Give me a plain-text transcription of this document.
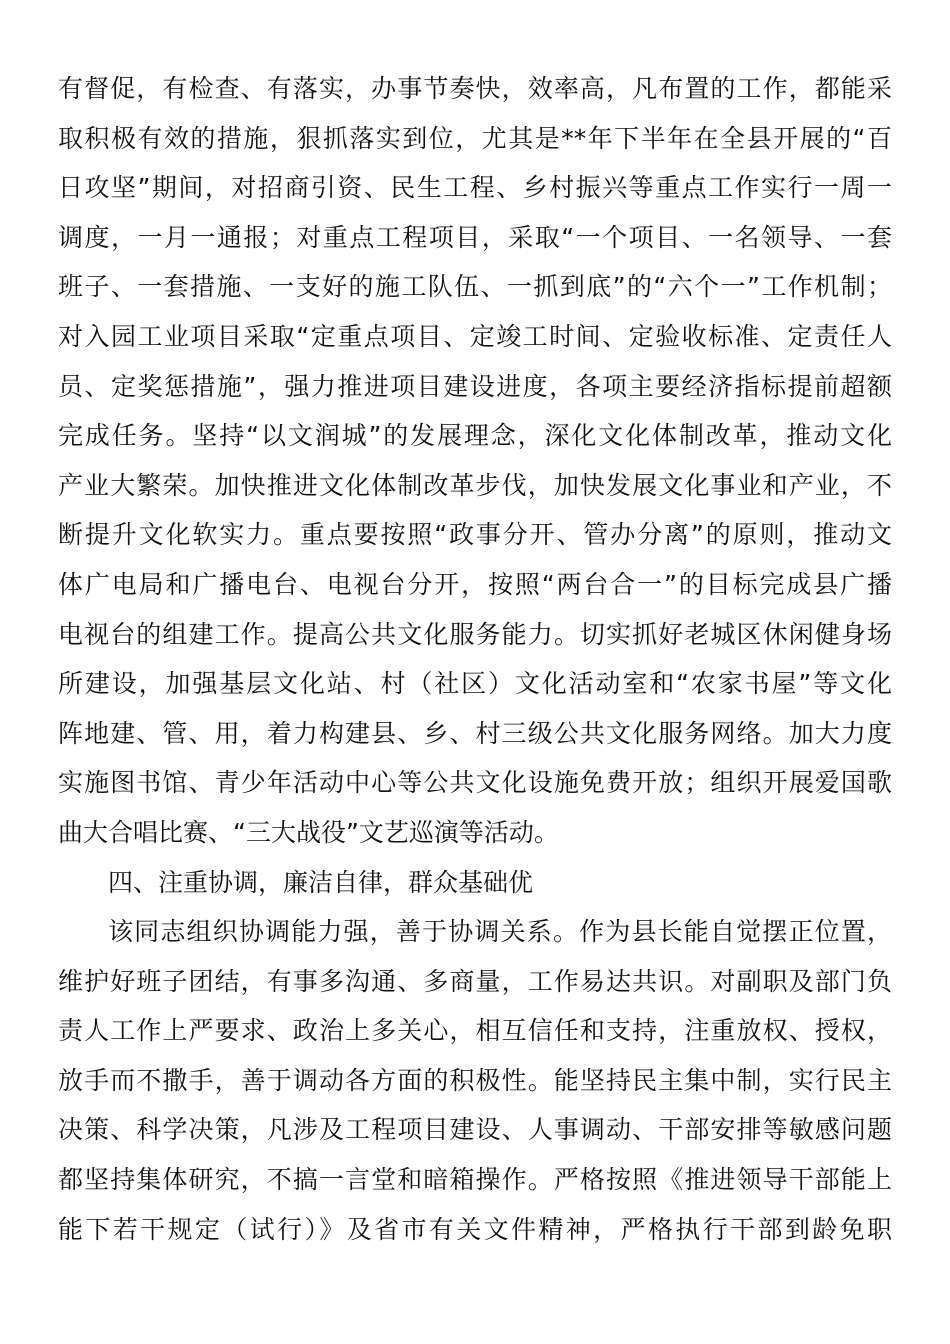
有督促，有检查、有落实，办事节奏快，效率高，凡布置的工作，都能采
取积极有效的措施，狠抓落实到位，尤其是**年下半年在全县开展的“百
日攻坚”期间，对招商引资、民生工程、乡村振兴等重点工作实行一周一
调度，一月一通报；对重点工程项目，采取“一个项目、一名领导、一套
班子、一套措施、一支好的施工队伍、一抓到底”的“六个一”工作机制；
对入园工业项目采取“定重点项目、定竣工时间、定验收标准、定责任人
员、定奖惩措施”，强力推进项目建设进度，各项主要经济指标提前超额
完成任务。坚持“以文润城”的发展理念，深化文化体制改革，推动文化
产业大繁荣。加快推进文化体制改革步伐，加快发展文化事业和产业，不
断提升文化软实力。重点要按照“政事分开、管办分离”的原则，推动文
体广电局和广播电台、电视台分开，按照“两台合一”的目标完成县广播
电视台的组建工作。提高公共文化服务能力。切实抓好老城区休闲健身场
所建设，加强基层文化站、村（社区）文化活动室和“农家书屋”等文化
阵地建、管、用，着力构建县、乡、村三级公共文化服务网络。加大力度
实施图书馆、青少年活动中心等公共文化设施免费开放；组织开展爱国歌
曲大合唱比赛、“三大战役”文艺巡演等活动。
四、注重协调，廉洁自律，群众基础优
该同志组织协调能力强，善于协调关系。作为县长能自觉摆正位置，
维护好班子团结，有事多沟通、多商量，工作易达共识。对副职及部门负
责人工作上严要求、政治上多关心，相互信任和支持，注重放权、授权，
放手而不撒手，善于调动各方面的积极性。能坚持民主集中制，实行民主
决策、科学决策，凡涉及工程项目建设、人事调动、干部安排等敏感问题
都坚持集体研究，不搞一言堂和暗箱操作。严格按照《推进领导干部能上
能下若干规定（试行）》及省市有关文件精神，严格执行干部到龄免职
